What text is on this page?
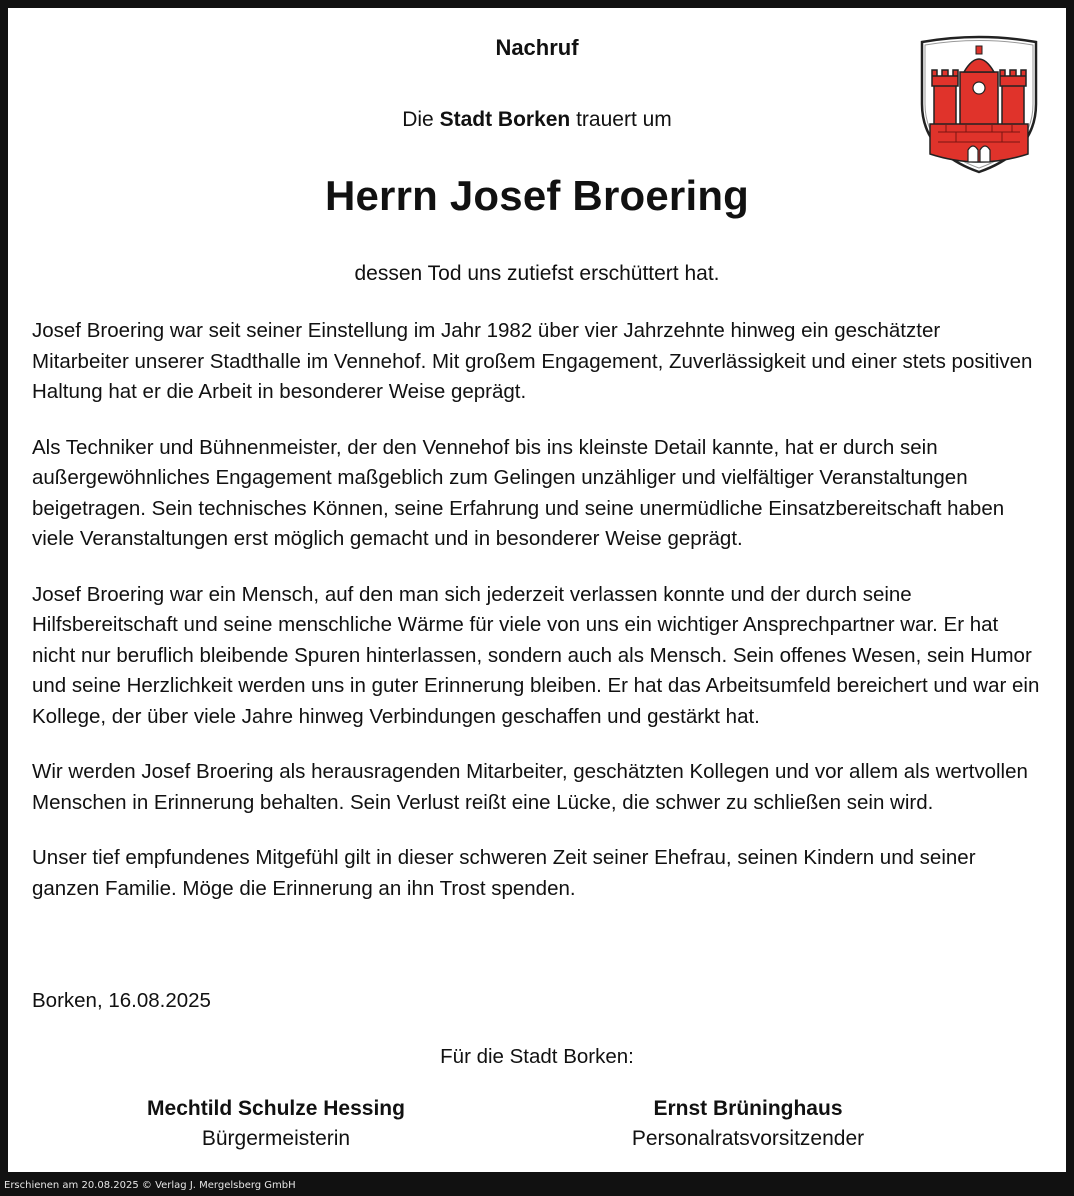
Nachruf
Die Stadt Borken trauert um
Herrn Josef Broering
dessen Tod uns zutiefst erschüttert hat.

Josef Broering war seit seiner Einstellung im Jahr 1982 über vier Jahrzehnte hinweg ein geschätzter Mitarbeiter unserer Stadthalle im Vennehof. Mit großem Engagement, Zuverlässigkeit und einer stets positiven Haltung hat er die Arbeit in besonderer Weise geprägt.

Als Techniker und Bühnenmeister, der den Vennehof bis ins kleinste Detail kannte, hat er durch sein außergewöhnliches Engagement maßgeblich zum Gelingen unzähliger und vielfältiger Veranstaltungen beigetragen. Sein technisches Können, seine Erfahrung und seine unermüdliche Einsatzbereitschaft haben viele Veranstaltungen erst möglich gemacht und in besonderer Weise geprägt.

Josef Broering war ein Mensch, auf den man sich jederzeit verlassen konnte und der durch seine Hilfsbereitschaft und seine menschliche Wärme für viele von uns ein wichtiger Ansprechpartner war. Er hat nicht nur beruflich bleibende Spuren hinterlassen, sondern auch als Mensch. Sein offenes Wesen, sein Humor und seine Herzlichkeit werden uns in guter Erinnerung bleiben. Er hat das Arbeitsumfeld bereichert und war ein Kollege, der über viele Jahre hinweg Verbindungen geschaffen und gestärkt hat.

Wir werden Josef Broering als herausragenden Mitarbeiter, geschätzten Kollegen und vor allem als wertvollen Menschen in Erinnerung behalten. Sein Verlust reißt eine Lücke, die schwer zu schließen sein wird.

Unser tief empfundenes Mitgefühl gilt in dieser schweren Zeit seiner Ehefrau, seinen Kindern und seiner ganzen Familie. Möge die Erinnerung an ihn Trost spenden.

Borken, 16.08.2025
Für die Stadt Borken:
Mechtild Schulze Hessing
Bürgermeisterin
Ernst Brüninghaus
Personalratsvorsitzender
Erschienen am 20.08.2025 © Verlag J. Mergelsberg GmbH
